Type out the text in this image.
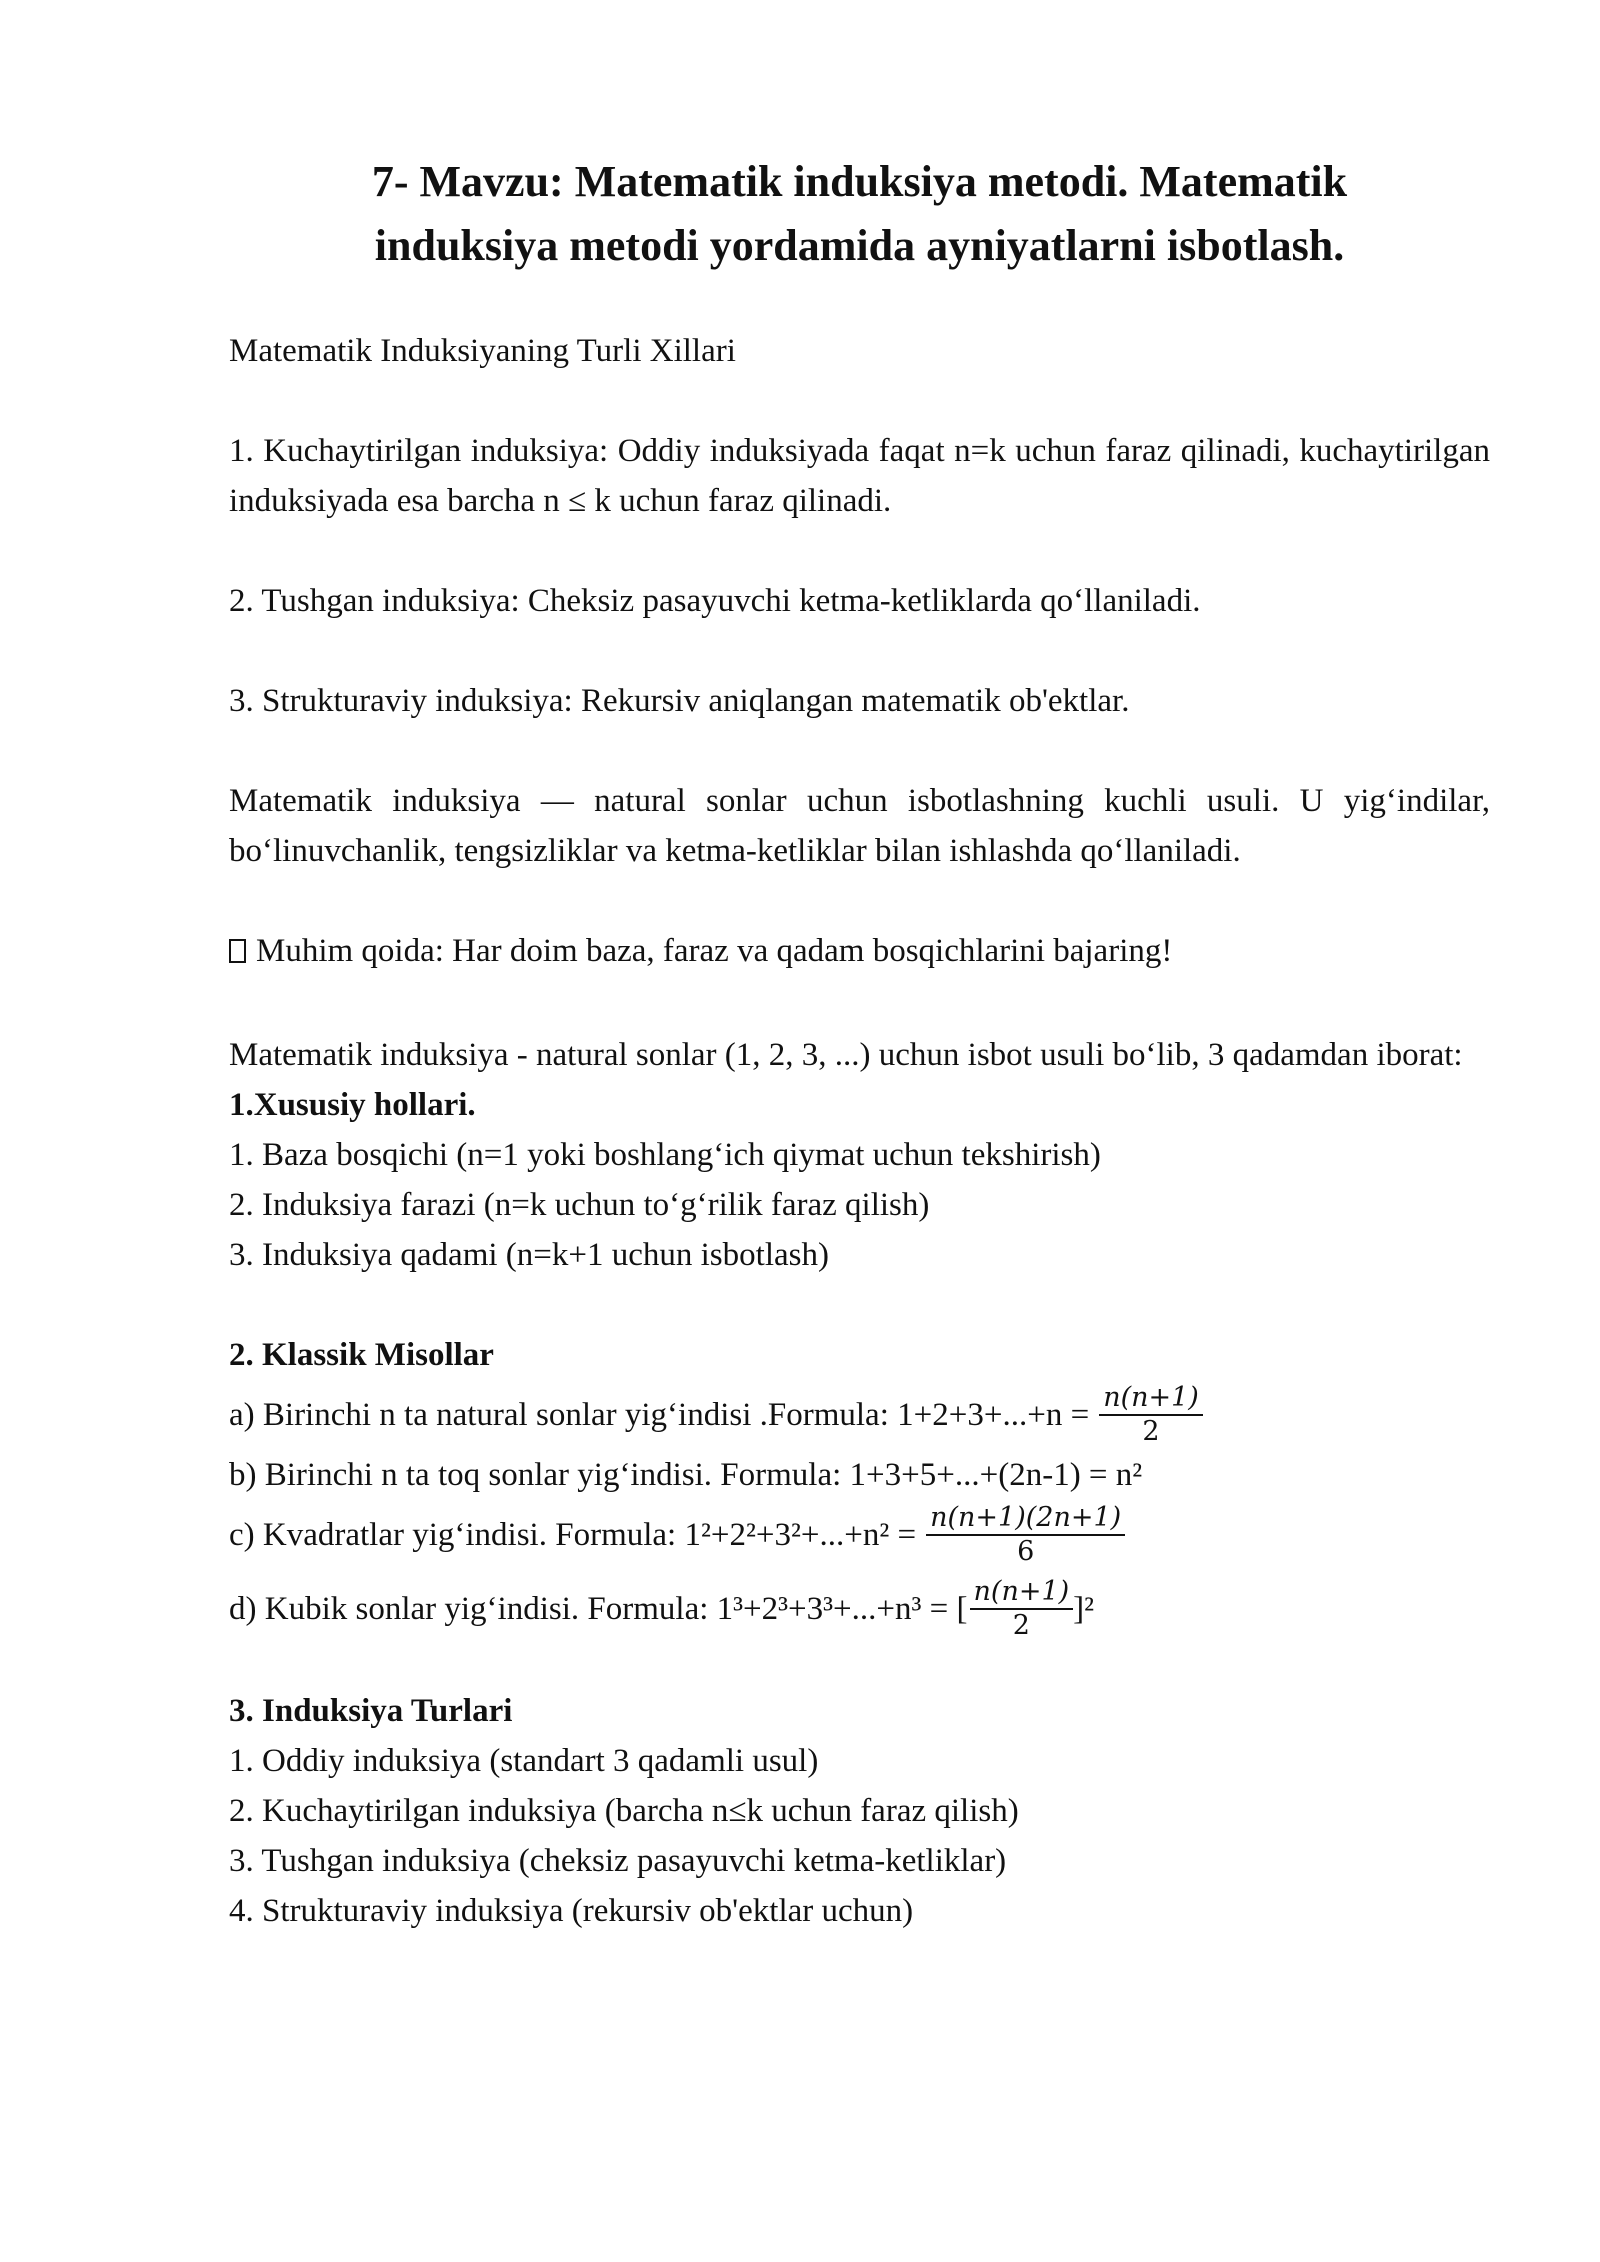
7- Mavzu: Matematik induksiya metodi. Matematik
induksiya metodi yordamida ayniyatlarni isbotlash.

Matematik Induksiyaning Turli Xillari

1. Kuchaytirilgan induksiya: Oddiy induksiyada faqat n=k uchun faraz qilinadi, kuchaytirilgan induksiyada esa barcha n ≤ k uchun faraz qilinadi.

2. Tushgan induksiya: Cheksiz pasayuvchi ketma-ketliklarda qo‘llaniladi.

3. Strukturaviy induksiya: Rekursiv aniqlangan matematik ob'ektlar.

Matematik induksiya — natural sonlar uchun isbotlashning kuchli usuli. U yig‘indilar, bo‘linuvchanlik, tengsizliklar va ketma-ketliklar bilan ishlashda qo‘llaniladi.

Muhim qoida: Har doim baza, faraz va qadam bosqichlarini bajaring!

Matematik induksiya - natural sonlar (1, 2, 3, ...) uchun isbot usuli bo‘lib, 3 qadamdan iborat:

1.Xususiy hollari.

1. Baza bosqichi (n=1 yoki boshlang‘ich qiymat uchun tekshirish)

2. Induksiya farazi (n=k uchun to‘g‘rilik faraz qilish)

3. Induksiya qadami (n=k+1 uchun isbotlash)

2. Klassik Misollar

a) Birinchi n ta natural sonlar yig‘indisi .Formula: $1+2+3+...+n = \frac{n(n+1)}{2}$

b) Birinchi n ta toq sonlar yig‘indisi. Formula: 1+3+5+...+(2n-1) = n²

c) Kvadratlar yig‘indisi. Formula: $1^2+2^2+3^2+...+n^2 = \frac{n(n+1)(2n+1)}{6}$
d) Kubik sonlar yig‘indisi. Formula: 1³+2³+3³+...+n³ = [ $\frac{n(n+1)}{2} ]^2$

3. Induksiya Turlari

1. Oddiy induksiya (standart 3 qadamli usul)

2. Kuchaytirilgan induksiya (barcha n≤k uchun faraz qilish)

3. Tushgan induksiya (cheksiz pasayuvchi ketma-ketliklar)

4. Strukturaviy induksiya (rekursiv ob'ektlar uchun)
